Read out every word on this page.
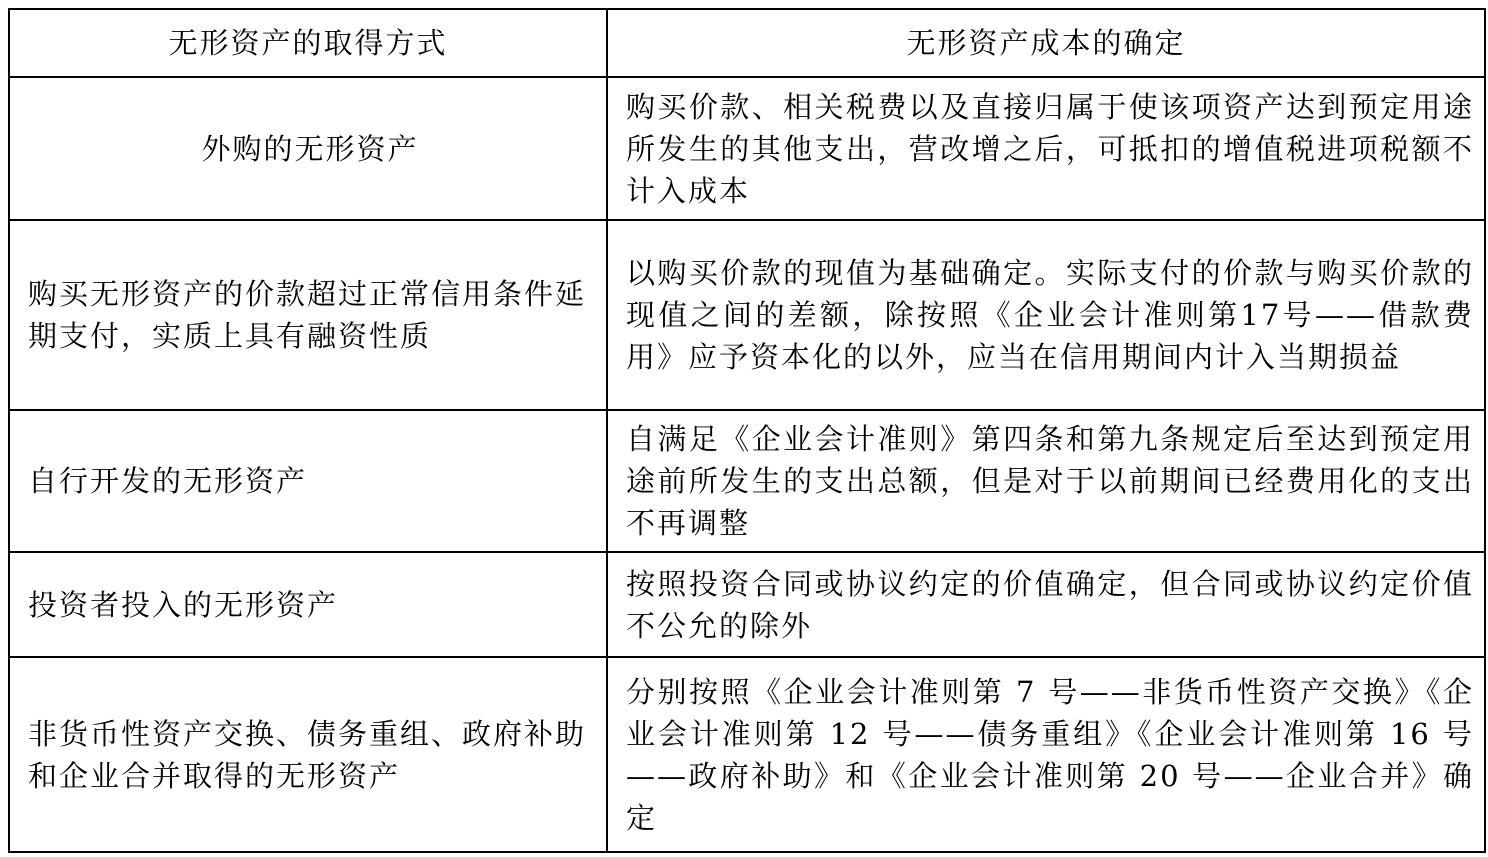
无形资产的取得方式	无形资产成本的确定
外购的无形资产	购买价款、相关税费以及直接归属于使该项资产达到预定用途所发生的其他支出，营改增之后，可抵扣的增值税进项税额不计入成本
购买无形资产的价款超过正常信用条件延期支付，实质上具有融资性质	以购买价款的现值为基础确定。实际支付的价款与购买价款的现值之间的差额，除按照《企业会计准则第17号——借款费用》应予资本化的以外，应当在信用期间内计入当期损益
自行开发的无形资产	自满足《企业会计准则》第四条和第九条规定后至达到预定用途前所发生的支出总额，但是对于以前期间已经费用化的支出不再调整
投资者投入的无形资产	按照投资合同或协议约定的价值确定，但合同或协议约定价值不公允的除外
非货币性资产交换、债务重组、政府补助和企业合并取得的无形资产	分别按照《企业会计准则第 7 号——非货币性资产交换》《企业会计准则第 12 号——债务重组》《企业会计准则第 16 号——政府补助》和《企业会计准则第 20 号——企业合并》确定
